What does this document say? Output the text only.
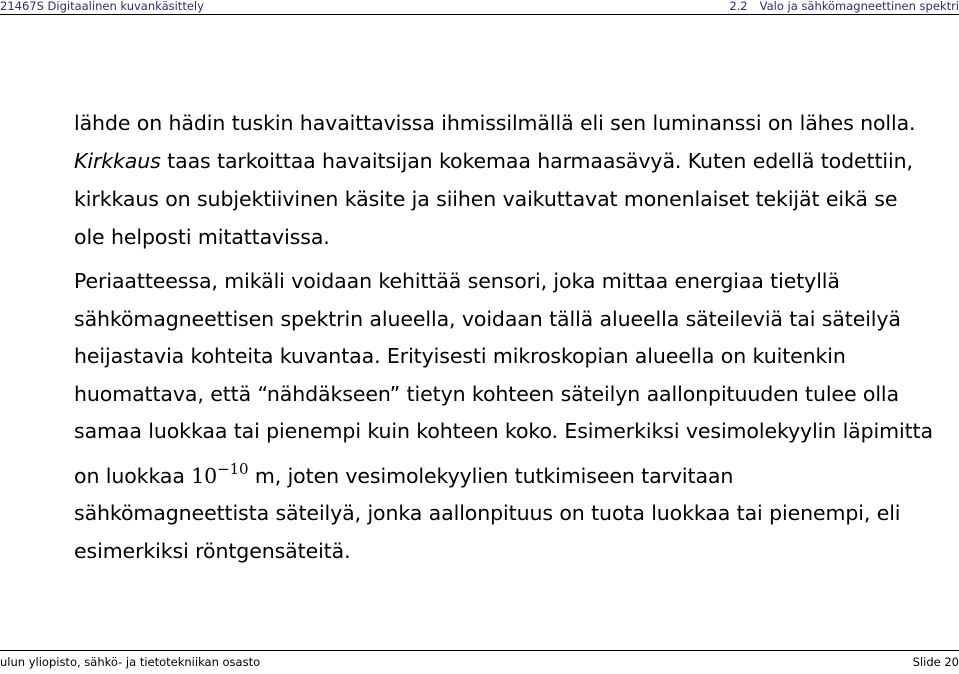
21467S Digitaalinen kuvankäsittely	2.2 Valo ja sähkömagneettinen spektri

lähde on hädin tuskin havaittavissa ihmissilmällä eli sen luminanssi on lähes nolla. Kirkkaus taas tarkoittaa havaitsijan kokemaa harmaasävyä. Kuten edellä todettiin, kirkkaus on subjektiivinen käsite ja siihen vaikuttavat monenlaiset tekijät eikä se ole helposti mitattavissa.

Periaatteessa, mikäli voidaan kehittää sensori, joka mittaa energiaa tietyllä sähkömagneettisen spektrin alueella, voidaan tällä alueella säteileviä tai säteilyä heijastavia kohteita kuvantaa. Erityisesti mikroskopian alueella on kuitenkin huomattava, että “nähdäkseen” tietyn kohteen säteilyn aallonpituuden tulee olla samaa luokkaa tai pienempi kuin kohteen koko. Esimerkiksi vesimolekyylin läpimitta on luokkaa $10^{-10}$ m, joten vesimolekyylien tutkimiseen tarvitaan sähkömagneettista säteilyä, jonka aallonpituus on tuota luokkaa tai pienempi, eli esimerkiksi röntgensäteitä.

ulun yliopisto, sähkö- ja tietotekniikan osasto	Slide 20
